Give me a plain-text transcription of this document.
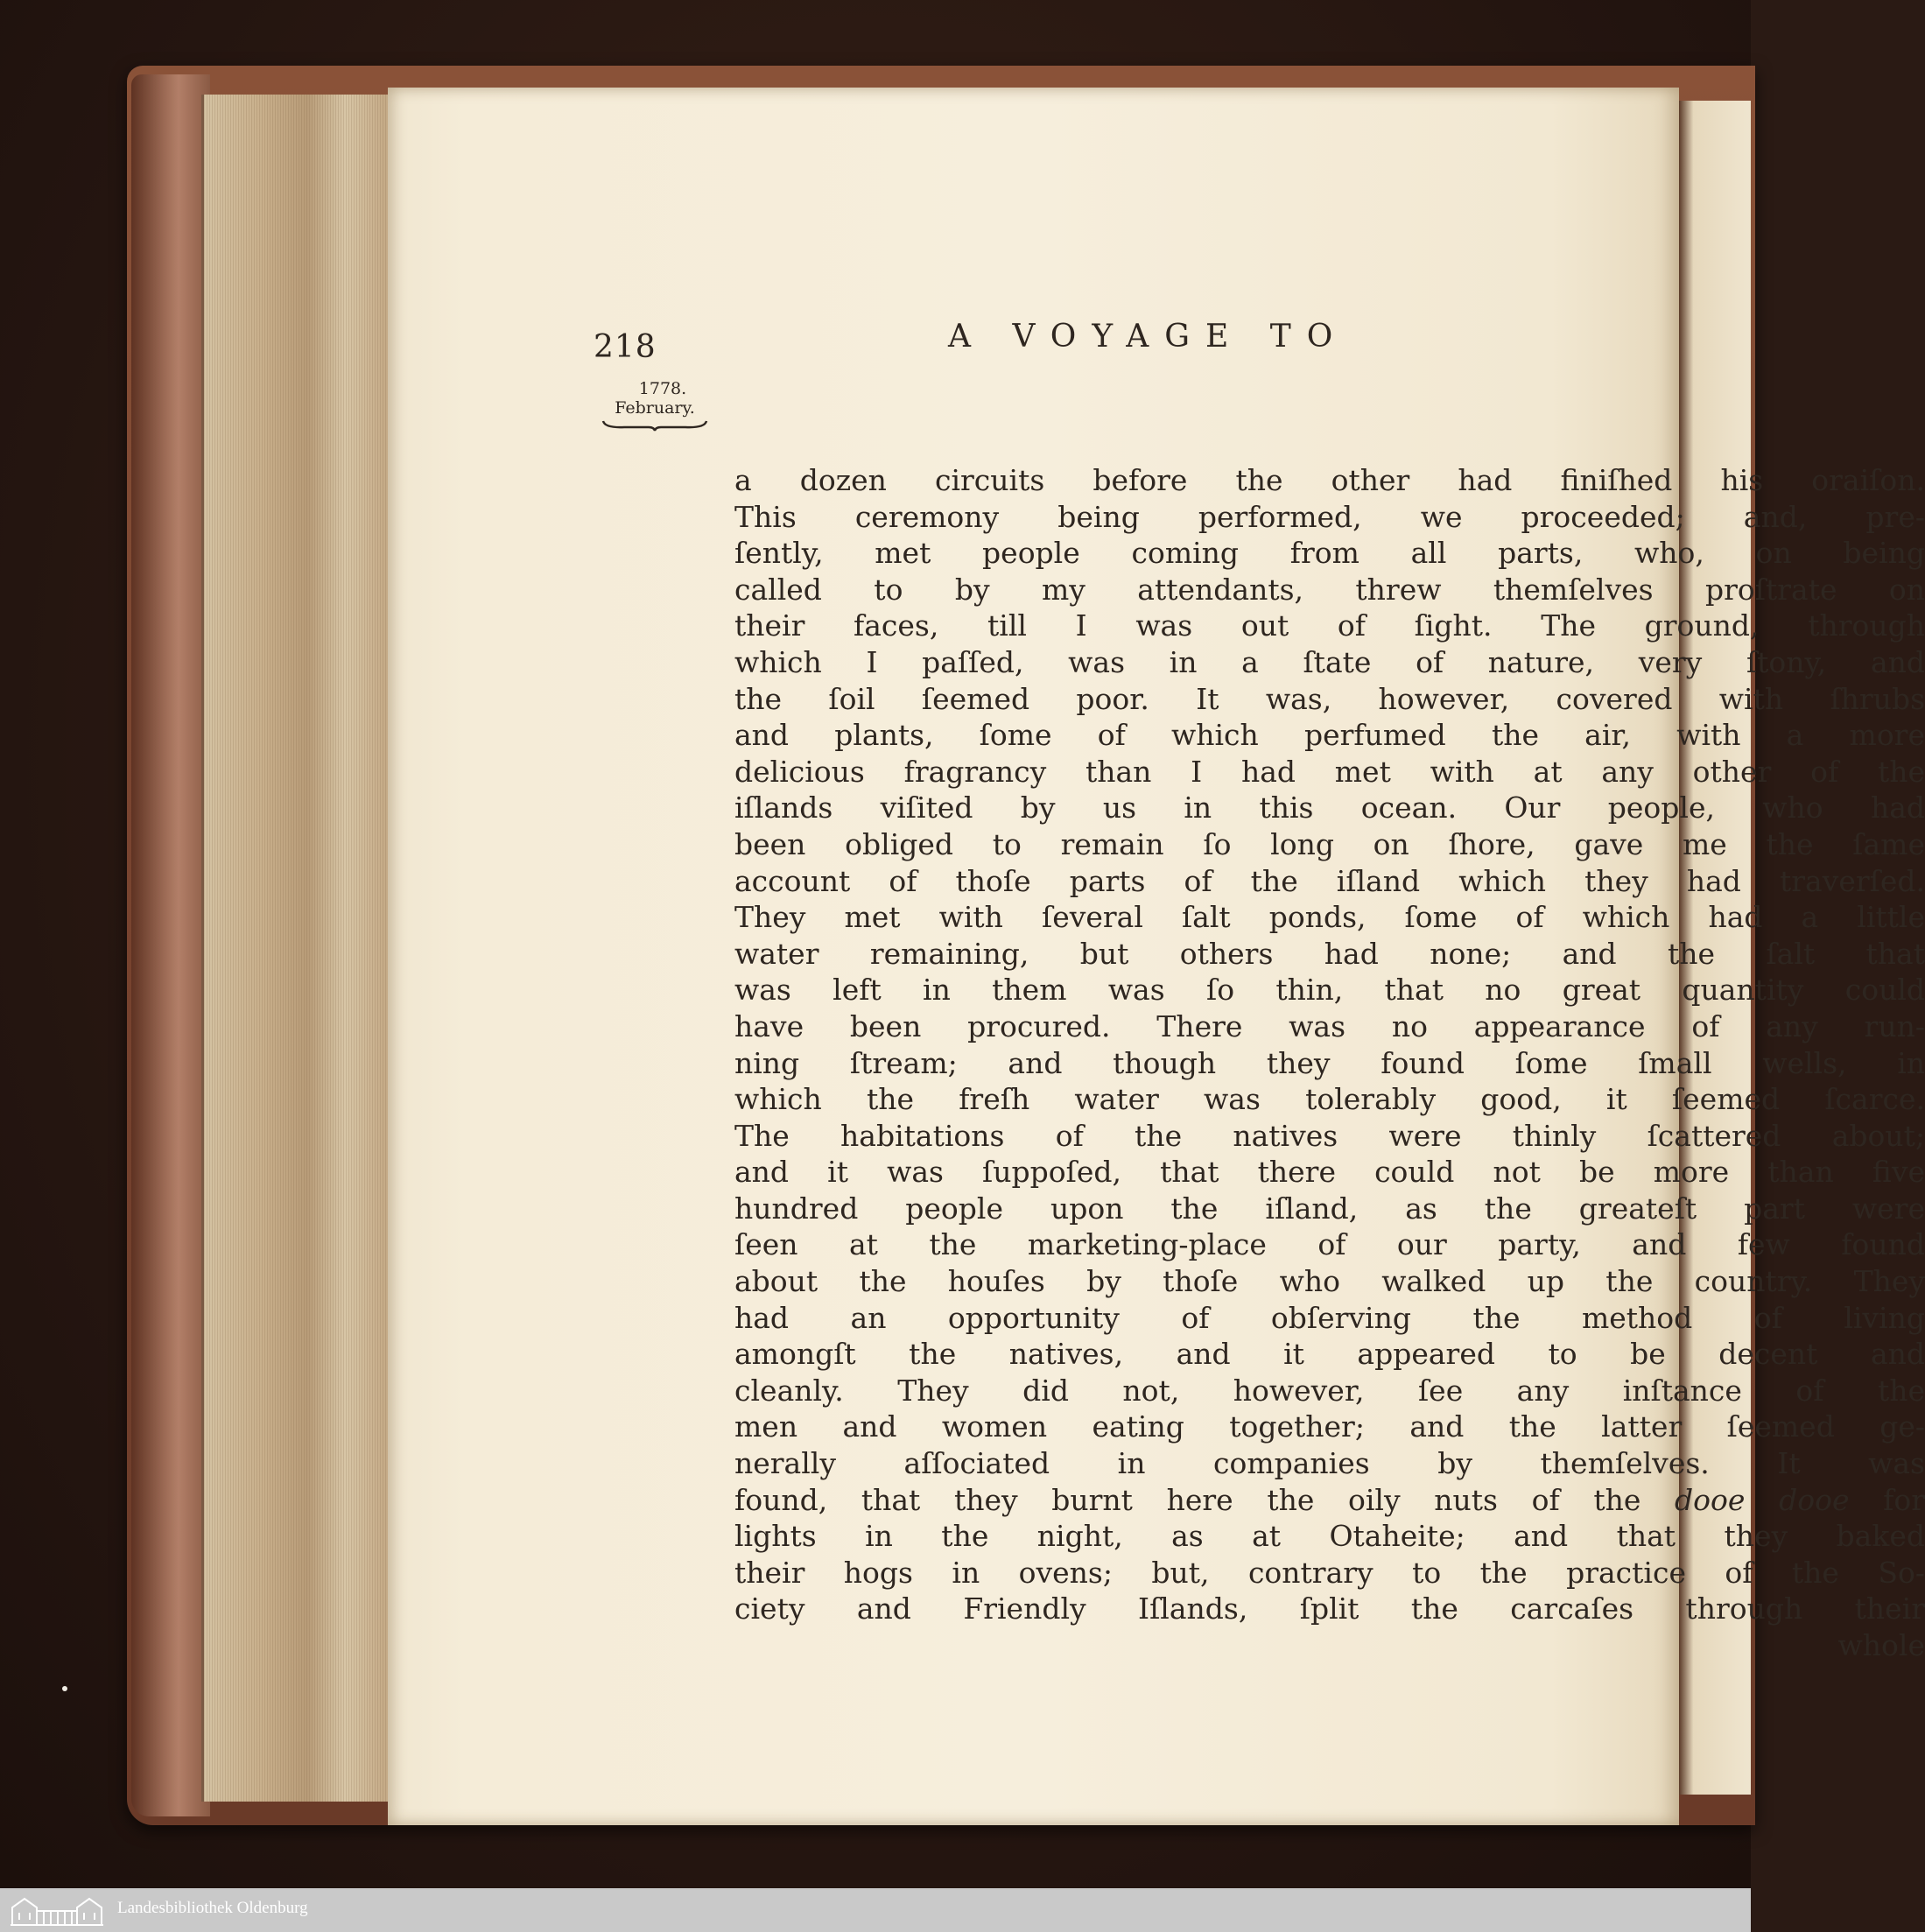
218	A VOYAGE TO
1778.
February.
a dozen circuits before the other had finiſhed his oraiſon.
This ceremony being performed, we proceeded; and, pre-
ſently, met people coming from all parts, who, on being
called to by my attendants, threw themſelves proſtrate on
their faces, till I was out of ſight. The ground, through
which I paſſed, was in a ſtate of nature, very ſtony, and
the ſoil ſeemed poor. It was, however, covered with ſhrubs
and plants, ſome of which perfumed the air, with a more
delicious fragrancy than I had met with at any other of the
iſlands viſited by us in this ocean. Our people, who had
been obliged to remain ſo long on ſhore, gave me the ſame
account of thoſe parts of the iſland which they had traverſed.
They met with ſeveral ſalt ponds, ſome of which had a little
water remaining, but others had none; and the ſalt that
was left in them was ſo thin, that no great quantity could
have been procured. There was no appearance of any run-
ning ſtream; and though they found ſome ſmall wells, in
which the freſh water was tolerably good, it ſeemed ſcarce.
The habitations of the natives were thinly ſcattered about;
and it was ſuppoſed, that there could not be more than five
hundred people upon the iſland, as the greateſt part were
ſeen at the marketing-place of our party, and few found
about the houſes by thoſe who walked up the country. They
had an opportunity of obſerving the method of living
amongſt the natives, and it appeared to be decent and
cleanly. They did not, however, ſee any inſtance of the
men and women eating together; and the latter ſeemed ge-
nerally aſſociated in companies by themſelves. It was
found, that they burnt here the oily nuts of the dooe dooe for
lights in the night, as at Otaheite; and that they baked
their hogs in ovens; but, contrary to the practice of the So-
ciety and Friendly Iſlands, ſplit the carcaſes through their
whole
Landesbibliothek Oldenburg
